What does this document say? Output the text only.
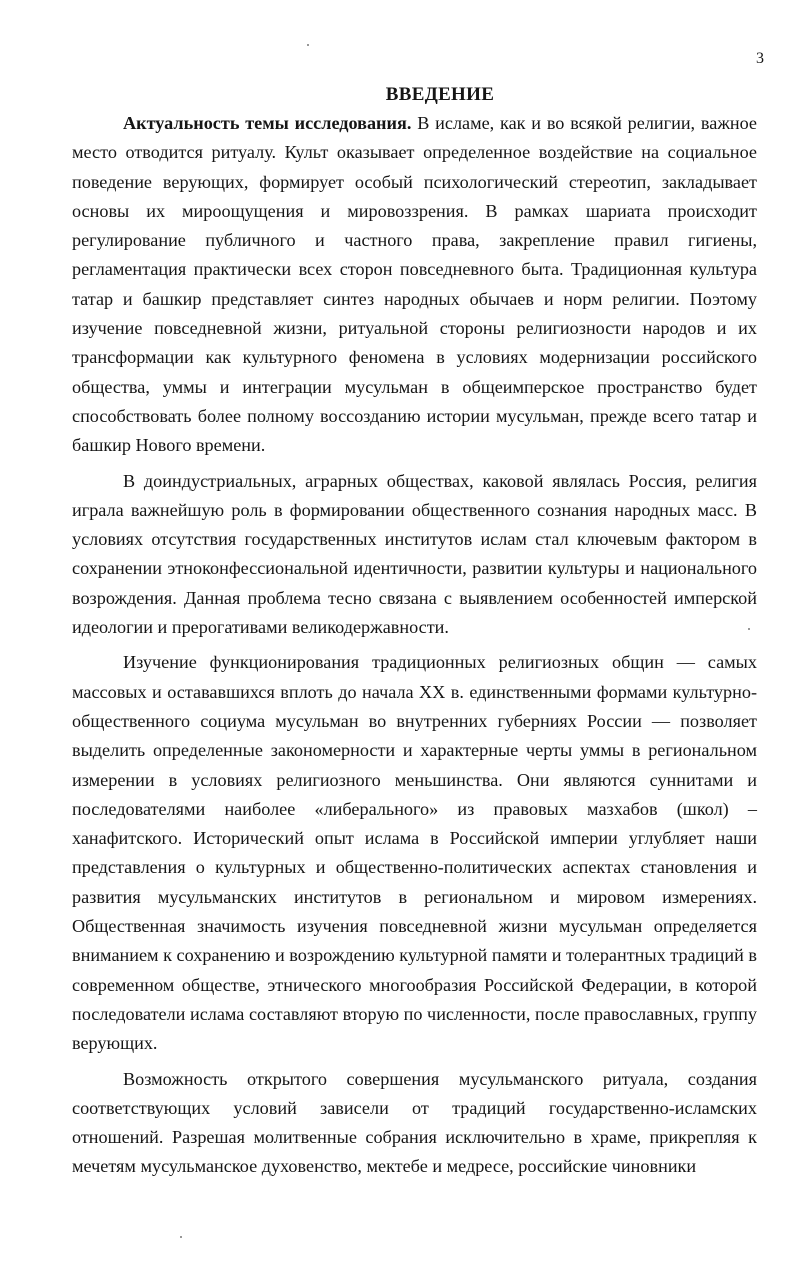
3
ВВЕДЕНИЕ

Актуальность темы исследования. В исламе, как и во всякой религии, важное место отводится ритуалу. Культ оказывает определенное воздействие на социальное поведение верующих, формирует особый психологический стереотип, закладывает основы их мироощущения и мировоззрения. В рамках шариата происходит регулирование публичного и частного права, закрепление правил гигиены, регламентация практически всех сторон повседневного быта. Традиционная культура татар и башкир представляет синтез народных обычаев и норм религии. Поэтому изучение повседневной жизни, ритуальной стороны религиозности народов и их трансформации как культурного феномена в условиях модернизации российского общества, уммы и интеграции мусульман в общеимперское пространство будет способствовать более полному воссозданию истории мусульман, прежде всего татар и башкир Нового времени.

В доиндустриальных, аграрных обществах, каковой являлась Россия, религия играла важнейшую роль в формировании общественного сознания народных масс. В условиях отсутствия государственных институтов ислам стал ключевым фактором в сохранении этноконфессиональной идентичности, развитии культуры и национального возрождения. Данная проблема тесно связана с выявлением особенностей имперской идеологии и прерогативами великодержавности.

Изучение функционирования традиционных религиозных общин — самых массовых и остававшихся вплоть до начала XX в. единственными формами культурно-общественного социума мусульман во внутренних губерниях России — позволяет выделить определенные закономерности и характерные черты уммы в региональном измерении в условиях религиозного меньшинства. Они являются суннитами и последователями наиболее «либерального» из правовых мазхабов (школ) – ханафитского. Исторический опыт ислама в Российской империи углубляет наши представления о культурных и общественно-политических аспектах становления и развития мусульманских институтов в региональном и мировом измерениях. Общественная значимость изучения повседневной жизни мусульман определяется вниманием к сохранению и возрождению культурной памяти и толерантных традиций в современном обществе, этнического многообразия Российской Федерации, в которой последователи ислама составляют вторую по численности, после православных, группу верующих.

Возможность открытого совершения мусульманского ритуала, создания соответствующих условий зависели от традиций государственно-исламских отношений. Разрешая молитвенные собрания исключительно в храме, прикрепляя к мечетям мусульманское духовенство, мектебе и медресе, российские чиновники
